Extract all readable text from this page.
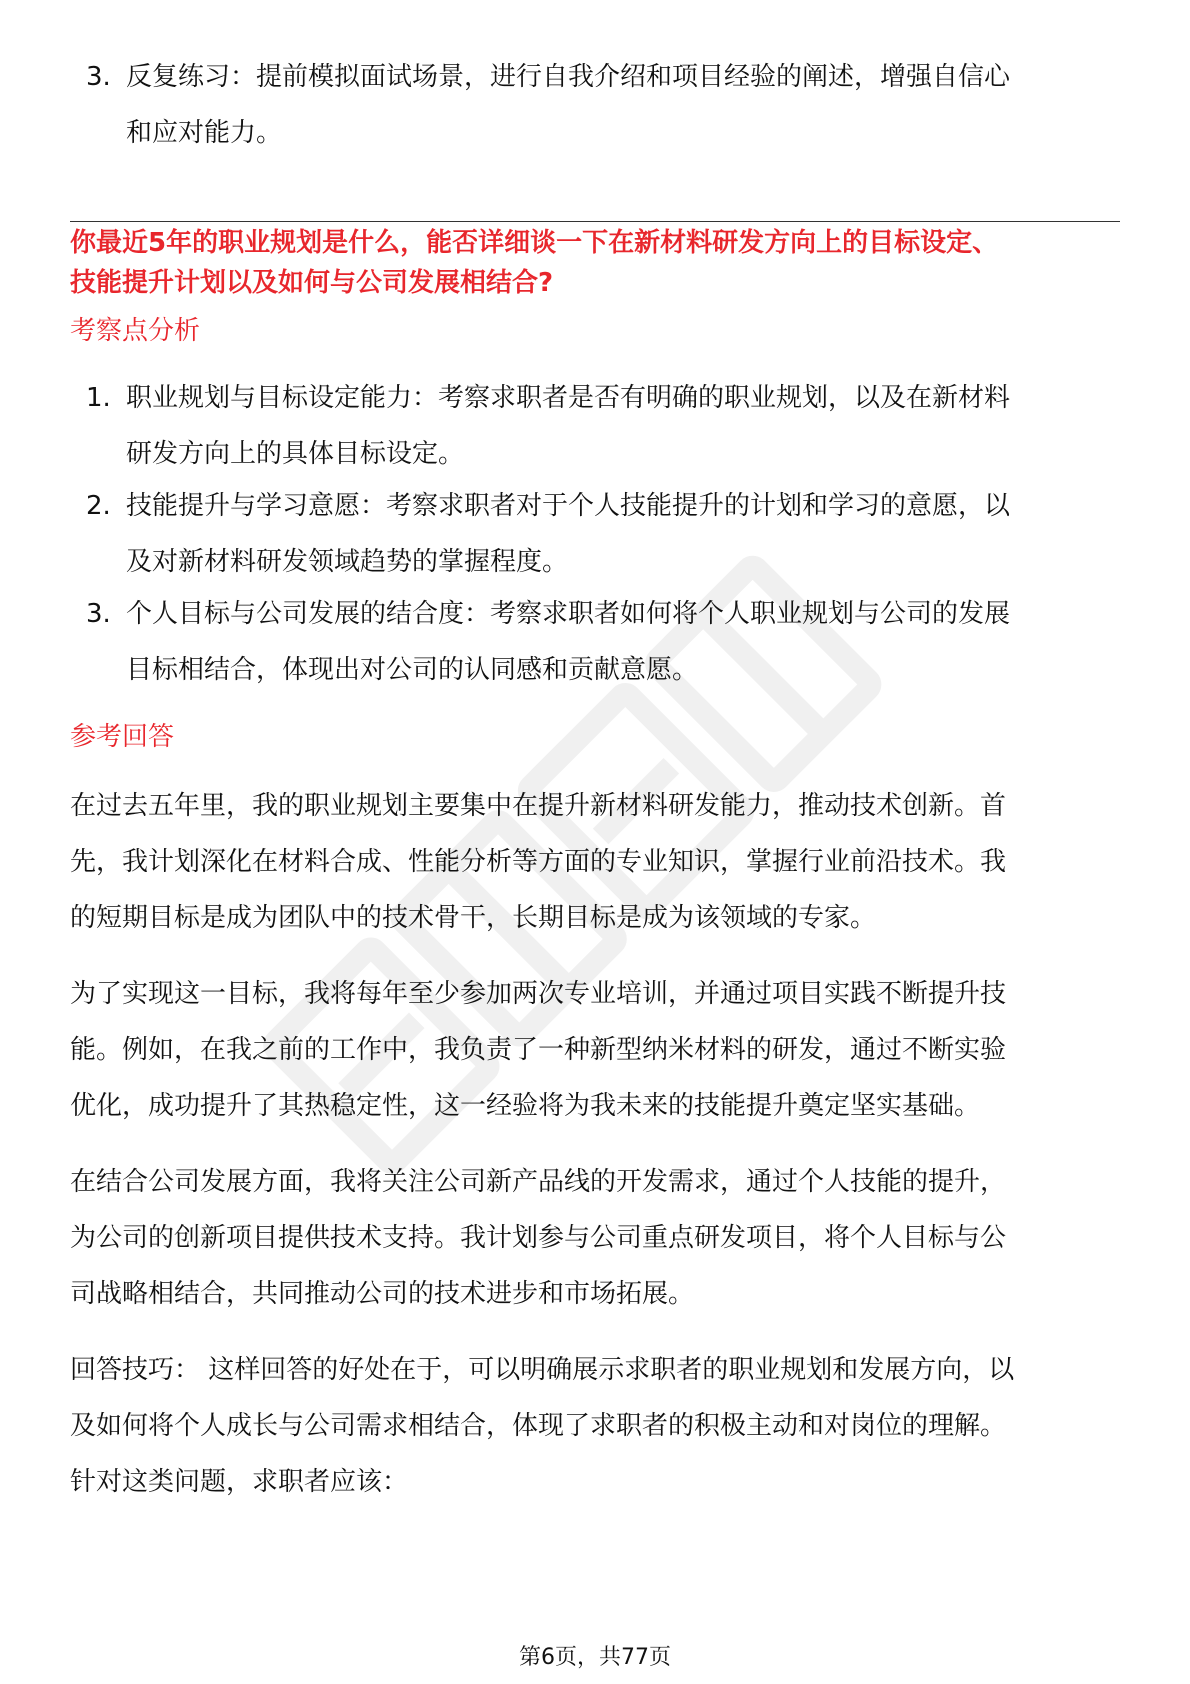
3. 反复练习：提前模拟面试场景，进行自我介绍和项目经验的阐述，增强自信心

和应对能力。

你最近5年的职业规划是什么，能否详细谈一下在新材料研发方向上的目标设定、

技能提升计划以及如何与公司发展相结合?

考察点分析

1. 职业规划与目标设定能力：考察求职者是否有明确的职业规划，以及在新材料

研发方向上的具体目标设定。

2. 技能提升与学习意愿：考察求职者对于个人技能提升的计划和学习的意愿，以

及对新材料研发领域趋势的掌握程度。

3. 个人目标与公司发展的结合度：考察求职者如何将个人职业规划与公司的发展

目标相结合，体现出对公司的认同感和贡献意愿。

参考回答

在过去五年里，我的职业规划主要集中在提升新材料研发能力，推动技术创新。首

先，我计划深化在材料合成、性能分析等方面的专业知识，掌握行业前沿技术。我

的短期目标是成为团队中的技术骨干，长期目标是成为该领域的专家。

为了实现这一目标，我将每年至少参加两次专业培训，并通过项目实践不断提升技

能。例如，在我之前的工作中，我负责了一种新型纳米材料的研发，通过不断实验

优化，成功提升了其热稳定性，这一经验将为我未来的技能提升奠定坚实基础。

在结合公司发展方面，我将关注公司新产品线的开发需求，通过个人技能的提升，

为公司的创新项目提供技术支持。我计划参与公司重点研发项目，将个人目标与公

司战略相结合，共同推动公司的技术进步和市场拓展。

回答技巧： 这样回答的好处在于，可以明确展示求职者的职业规划和发展方向，以

及如何将个人成长与公司需求相结合，体现了求职者的积极主动和对岗位的理解。

针对这类问题，求职者应该：

第6页，共77页
